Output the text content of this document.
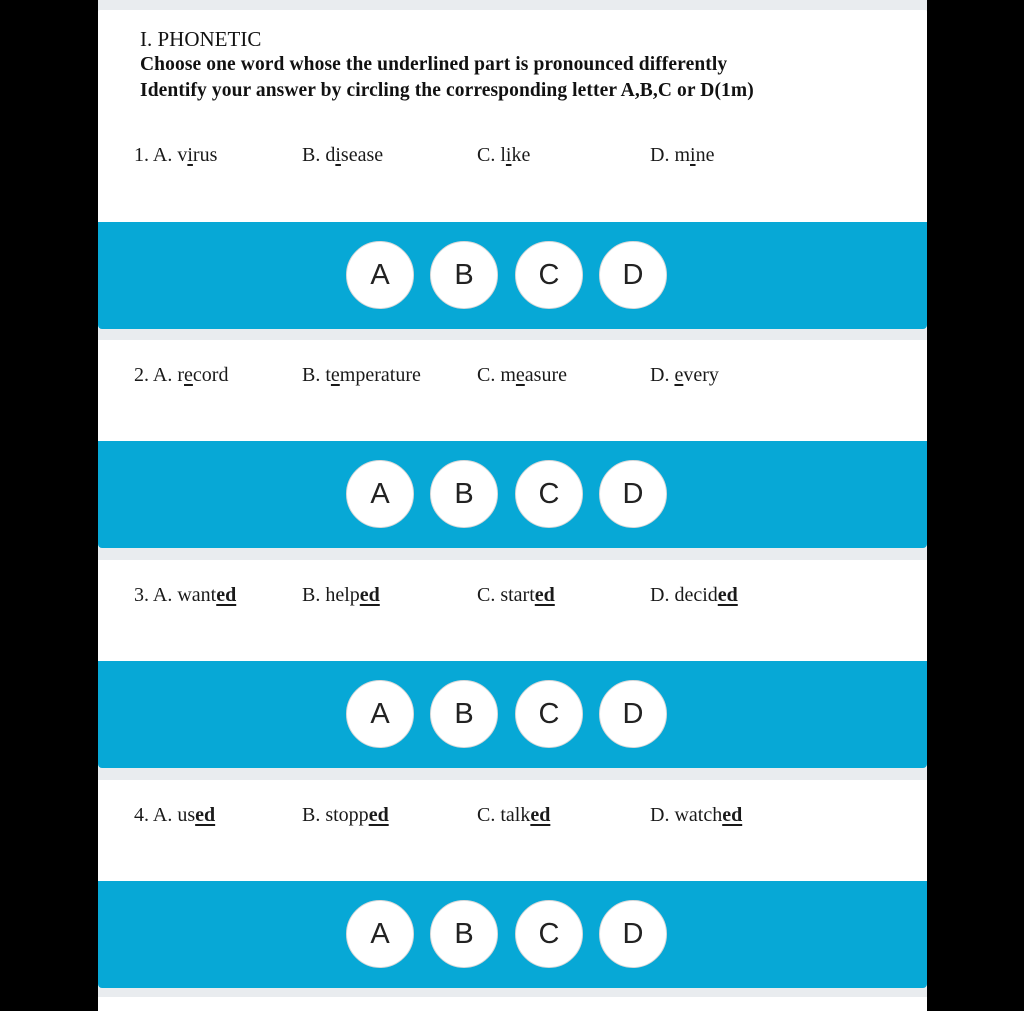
I. PHONETIC
Choose one word whose the underlined part is pronounced differently
Identify your answer by circling the corresponding letter A,B,C or D(1m)
1. A. virus	B. disease	C. like	D. mine
A	B	C	D
2. A. record	B. temperature	C. measure	D. every
A	B	C	D
3. A. wanted	B. helped	C. started	D. decided
A	B	C	D
4. A. used	B. stopped	C. talked	D. watched
A	B	C	D
